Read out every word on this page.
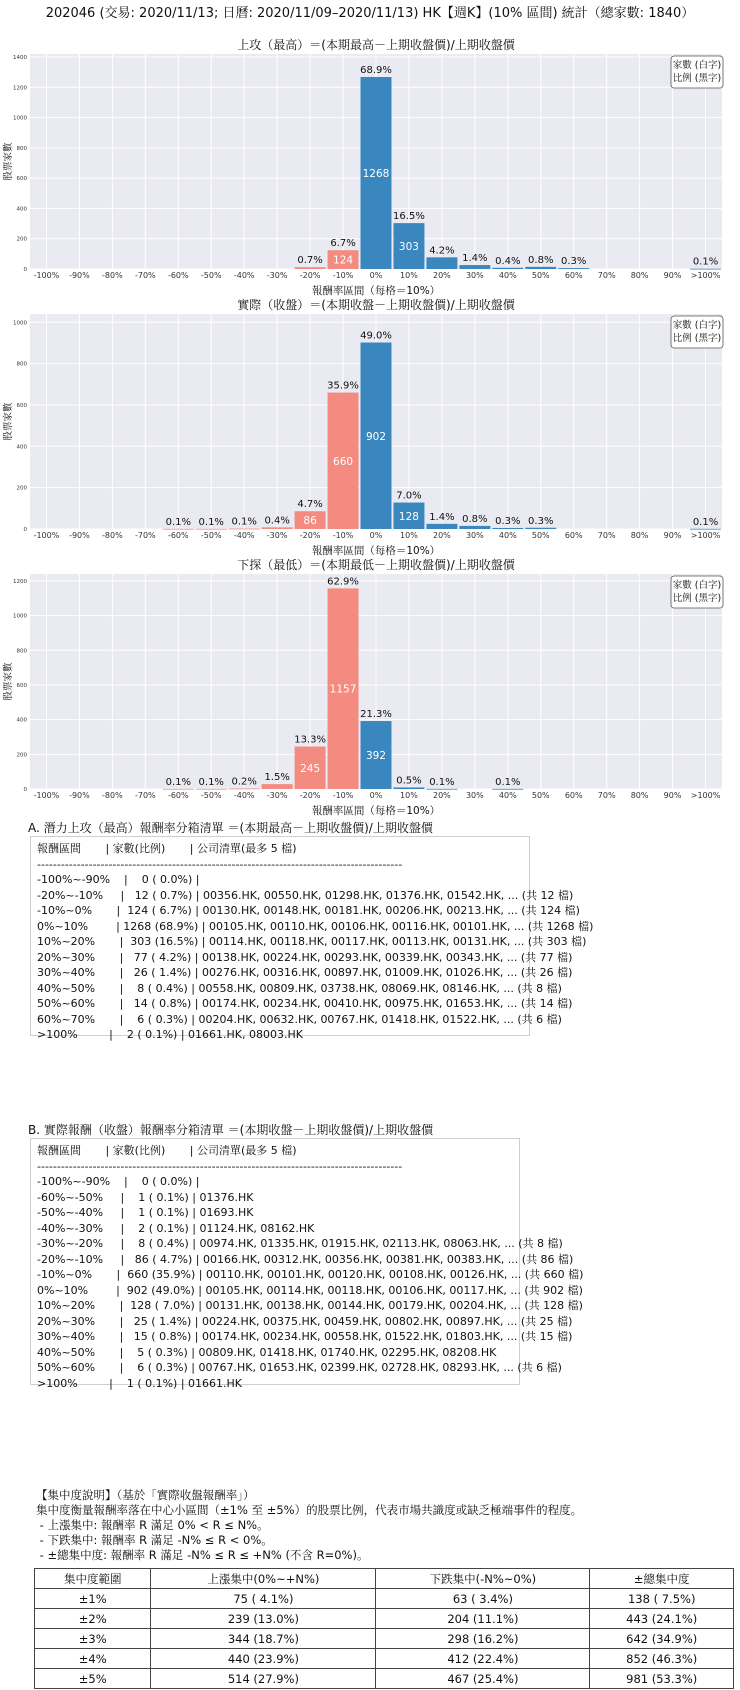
202046 (交易: 2020/11/13; 日曆: 2020/11/09–2020/11/13) HK【週K】(10% 區間) 統計（總家數: 1840）
0
200
400
600
800
1000
1200
1400
上攻（最高）＝(本期最高－上期收盤價)/上期收盤價
股票家數
報酬率區間（每格＝10%）
-100% -90% -80% -70% -60% -50% -40% -30%
0.7%
-20%
124
6.7%
-10%
1268
68.9%
0%
303
16.5%
10%
4.2%
20%
1.4%
30%
0.4%
40%
0.8%
50%
0.3%
60% 70% 80% 90%
0.1%
>100%
家數 (白字)
比例 (黑字)
0
200
400
600
800
1000
實際（收盤）＝(本期收盤－上期收盤價)/上期收盤價
股票家數
報酬率區間（每格＝10%）
-100% -90% -80% -70%
0.1%
-60%
0.1%
-50%
0.1%
-40%
0.4%
-30%
86
4.7%
-20%
660
35.9%
-10%
902
49.0%
0%
128
7.0%
10%
1.4%
20%
0.8%
30%
0.3%
40%
0.3%
50% 60% 70% 80% 90%
0.1%
>100%
家數 (白字)
比例 (黑字)
0
200
400
600
800
1000
1200
下探（最低）＝(本期最低－上期收盤價)/上期收盤價
股票家數
報酬率區間（每格＝10%）
-100% -90% -80% -70%
0.1%
-60%
0.1%
-50%
0.2%
-40%
1.5%
-30%
245
13.3%
-20%
1157
62.9%
-10%
392
21.3%
0%
0.5%
10%
0.1%
20% 30%
0.1%
40% 50% 60% 70% 80% 90% >100%
家數 (白字)
比例 (黑字)
A. 潛力上攻（最高）報酬率分箱清單 ＝(本期最高－上期收盤價)/上期收盤價
報酬區間       | 家數(比例)       | 公司清單(最多 5 檔)
--------------------------------------------------------------------------------------------
-100%~-90%    |    0 ( 0.0%) |
-20%~-10%     |   12 ( 0.7%) | 00356.HK, 00550.HK, 01298.HK, 01376.HK, 01542.HK, ... (共 12 檔)
-10%~0%       |  124 ( 6.7%) | 00130.HK, 00148.HK, 00181.HK, 00206.HK, 00213.HK, ... (共 124 檔)
0%~10%        | 1268 (68.9%) | 00105.HK, 00110.HK, 00106.HK, 00116.HK, 00101.HK, ... (共 1268 檔)
10%~20%       |  303 (16.5%) | 00114.HK, 00118.HK, 00117.HK, 00113.HK, 00131.HK, ... (共 303 檔)
20%~30%       |   77 ( 4.2%) | 00138.HK, 00224.HK, 00293.HK, 00339.HK, 00343.HK, ... (共 77 檔)
30%~40%       |   26 ( 1.4%) | 00276.HK, 00316.HK, 00897.HK, 01009.HK, 01026.HK, ... (共 26 檔)
40%~50%       |    8 ( 0.4%) | 00558.HK, 00809.HK, 03738.HK, 08069.HK, 08146.HK, ... (共 8 檔)
50%~60%       |   14 ( 0.8%) | 00174.HK, 00234.HK, 00410.HK, 00975.HK, 01653.HK, ... (共 14 檔)
60%~70%       |    6 ( 0.3%) | 00204.HK, 00632.HK, 00767.HK, 01418.HK, 01522.HK, ... (共 6 檔)
>100%         |    2 ( 0.1%) | 01661.HK, 08003.HK
B. 實際報酬（收盤）報酬率分箱清單 ＝(本期收盤－上期收盤價)/上期收盤價
報酬區間       | 家數(比例)       | 公司清單(最多 5 檔)
--------------------------------------------------------------------------------------------
-100%~-90%    |    0 ( 0.0%) |
-60%~-50%     |    1 ( 0.1%) | 01376.HK
-50%~-40%     |    1 ( 0.1%) | 01693.HK
-40%~-30%     |    2 ( 0.1%) | 01124.HK, 08162.HK
-30%~-20%     |    8 ( 0.4%) | 00974.HK, 01335.HK, 01915.HK, 02113.HK, 08063.HK, ... (共 8 檔)
-20%~-10%     |   86 ( 4.7%) | 00166.HK, 00312.HK, 00356.HK, 00381.HK, 00383.HK, ... (共 86 檔)
-10%~0%       |  660 (35.9%) | 00110.HK, 00101.HK, 00120.HK, 00108.HK, 00126.HK, ... (共 660 檔)
0%~10%        |  902 (49.0%) | 00105.HK, 00114.HK, 00118.HK, 00106.HK, 00117.HK, ... (共 902 檔)
10%~20%       |  128 ( 7.0%) | 00131.HK, 00138.HK, 00144.HK, 00179.HK, 00204.HK, ... (共 128 檔)
20%~30%       |   25 ( 1.4%) | 00224.HK, 00375.HK, 00459.HK, 00802.HK, 00897.HK, ... (共 25 檔)
30%~40%       |   15 ( 0.8%) | 00174.HK, 00234.HK, 00558.HK, 01522.HK, 01803.HK, ... (共 15 檔)
40%~50%       |    5 ( 0.3%) | 00809.HK, 01418.HK, 01740.HK, 02295.HK, 08208.HK
50%~60%       |    6 ( 0.3%) | 00767.HK, 01653.HK, 02399.HK, 02728.HK, 08293.HK, ... (共 6 檔)
>100%         |    1 ( 0.1%) | 01661.HK
【集中度說明】（基於「實際收盤報酬率」）
集中度衡量報酬率落在中心小區間（±1% 至 ±5%）的股票比例，代表市場共識度或缺乏極端事件的程度。
- 上漲集中: 報酬率 R 滿足 0% < R ≤ N%。
- 下跌集中: 報酬率 R 滿足 -N% ≤ R < 0%。
- ±總集中度: 報酬率 R 滿足 -N% ≤ R ≤ +N% (不含 R=0%)。
集中度範圍	上漲集中(0%~+N%)	下跌集中(-N%~0%)	±總集中度
±1%	75 ( 4.1%)	63 ( 3.4%)	138 ( 7.5%)
±2%	239 (13.0%)	204 (11.1%)	443 (24.1%)
±3%	344 (18.7%)	298 (16.2%)	642 (34.9%)
±4%	440 (23.9%)	412 (22.4%)	852 (46.3%)
±5%	514 (27.9%)	467 (25.4%)	981 (53.3%)
